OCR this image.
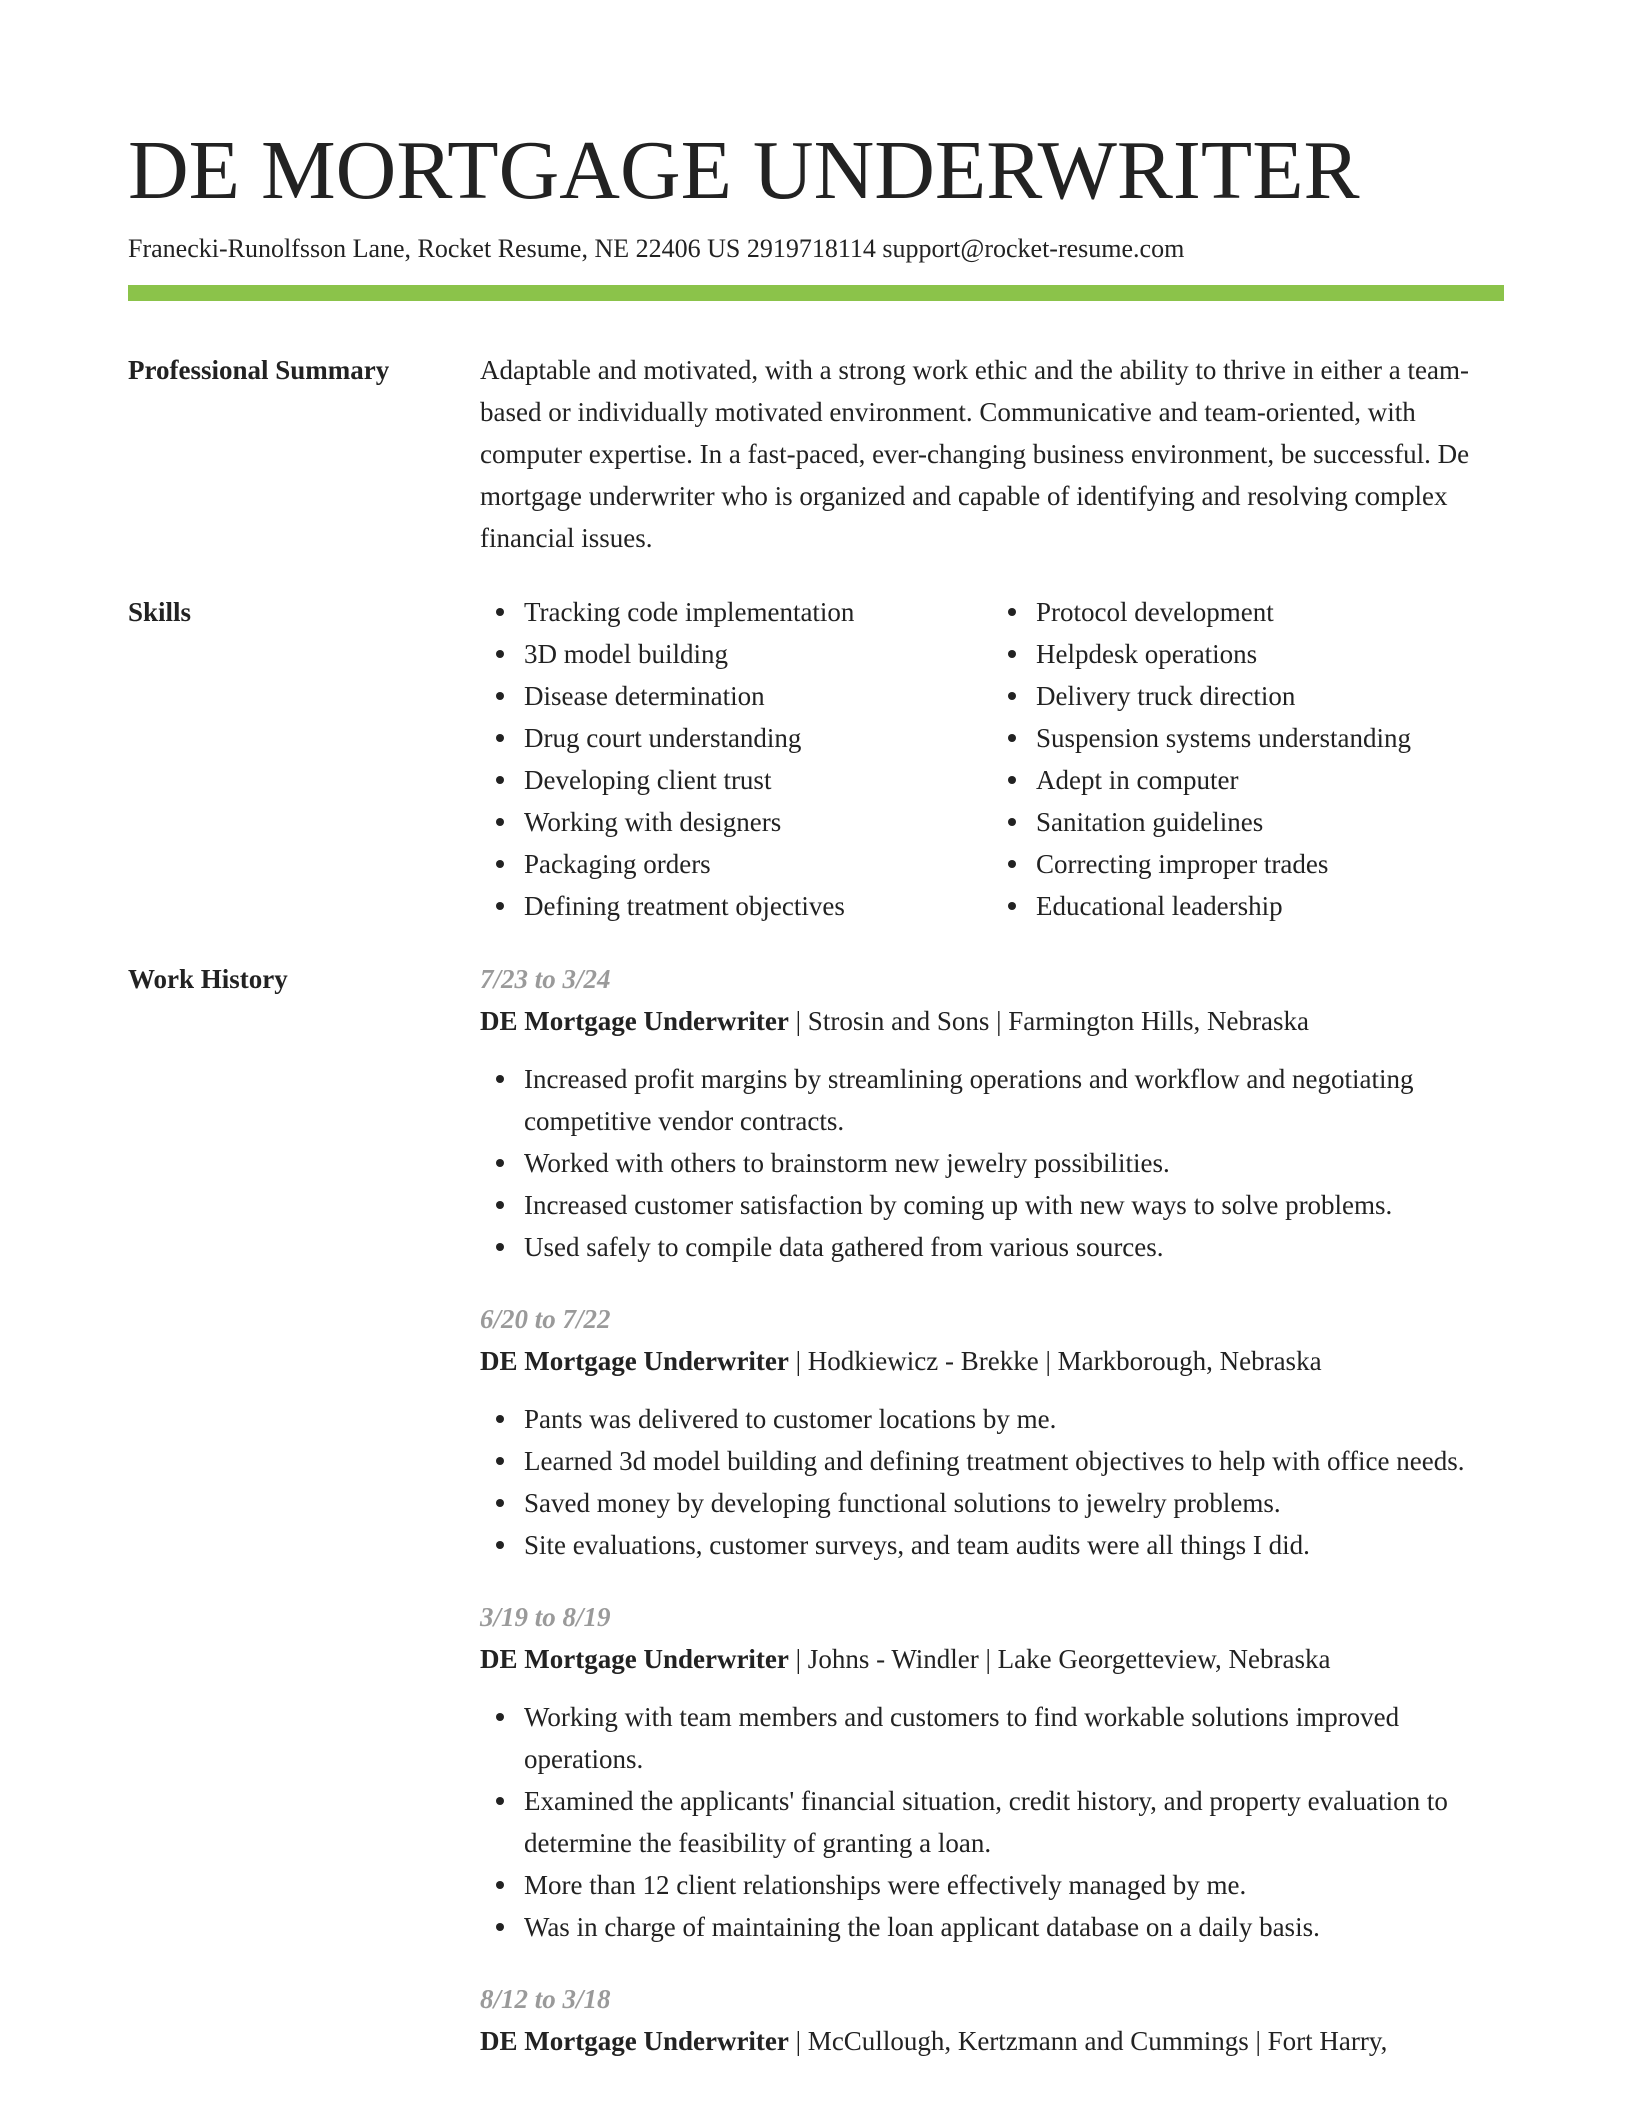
DE MORTGAGE UNDERWRITER
Franecki-Runolfsson Lane, Rocket Resume, NE 22406 US 2919718114 support@rocket-resume.com
Professional Summary	Adaptable and motivated, with a strong work ethic and the ability to thrive in either a team-based or individually motivated environment. Communicative and team-oriented, with computer expertise. In a fast-paced, ever-changing business environment, be successful. De mortgage underwriter who is organized and capable of identifying and resolving complex financial issues.

Skills	Tracking code implementation
3D model building
Disease determination
Drug court understanding
Developing client trust
Working with designers
Packaging orders
Defining treatment objectives
Protocol development
Helpdesk operations
Delivery truck direction
Suspension systems understanding
Adept in computer
Sanitation guidelines
Correcting improper trades
Educational leadership
Work History	7/23 to 3/24
DE Mortgage Underwriter | Strosin and Sons | Farmington Hills, Nebraska
Increased profit margins by streamlining operations and workflow and negotiating competitive vendor contracts.
Worked with others to brainstorm new jewelry possibilities.
Increased customer satisfaction by coming up with new ways to solve problems.
Used safely to compile data gathered from various sources.
6/20 to 7/22
DE Mortgage Underwriter | Hodkiewicz - Brekke | Markborough, Nebraska
Pants was delivered to customer locations by me.
Learned 3d model building and defining treatment objectives to help with office needs.
Saved money by developing functional solutions to jewelry problems.
Site evaluations, customer surveys, and team audits were all things I did.
3/19 to 8/19
DE Mortgage Underwriter | Johns - Windler | Lake Georgetteview, Nebraska
Working with team members and customers to find workable solutions improved operations.
Examined the applicants' financial situation, credit history, and property evaluation to determine the feasibility of granting a loan.
More than 12 client relationships were effectively managed by me.
Was in charge of maintaining the loan applicant database on a daily basis.
8/12 to 3/18
DE Mortgage Underwriter | McCullough, Kertzmann and Cummings | Fort Harry,
